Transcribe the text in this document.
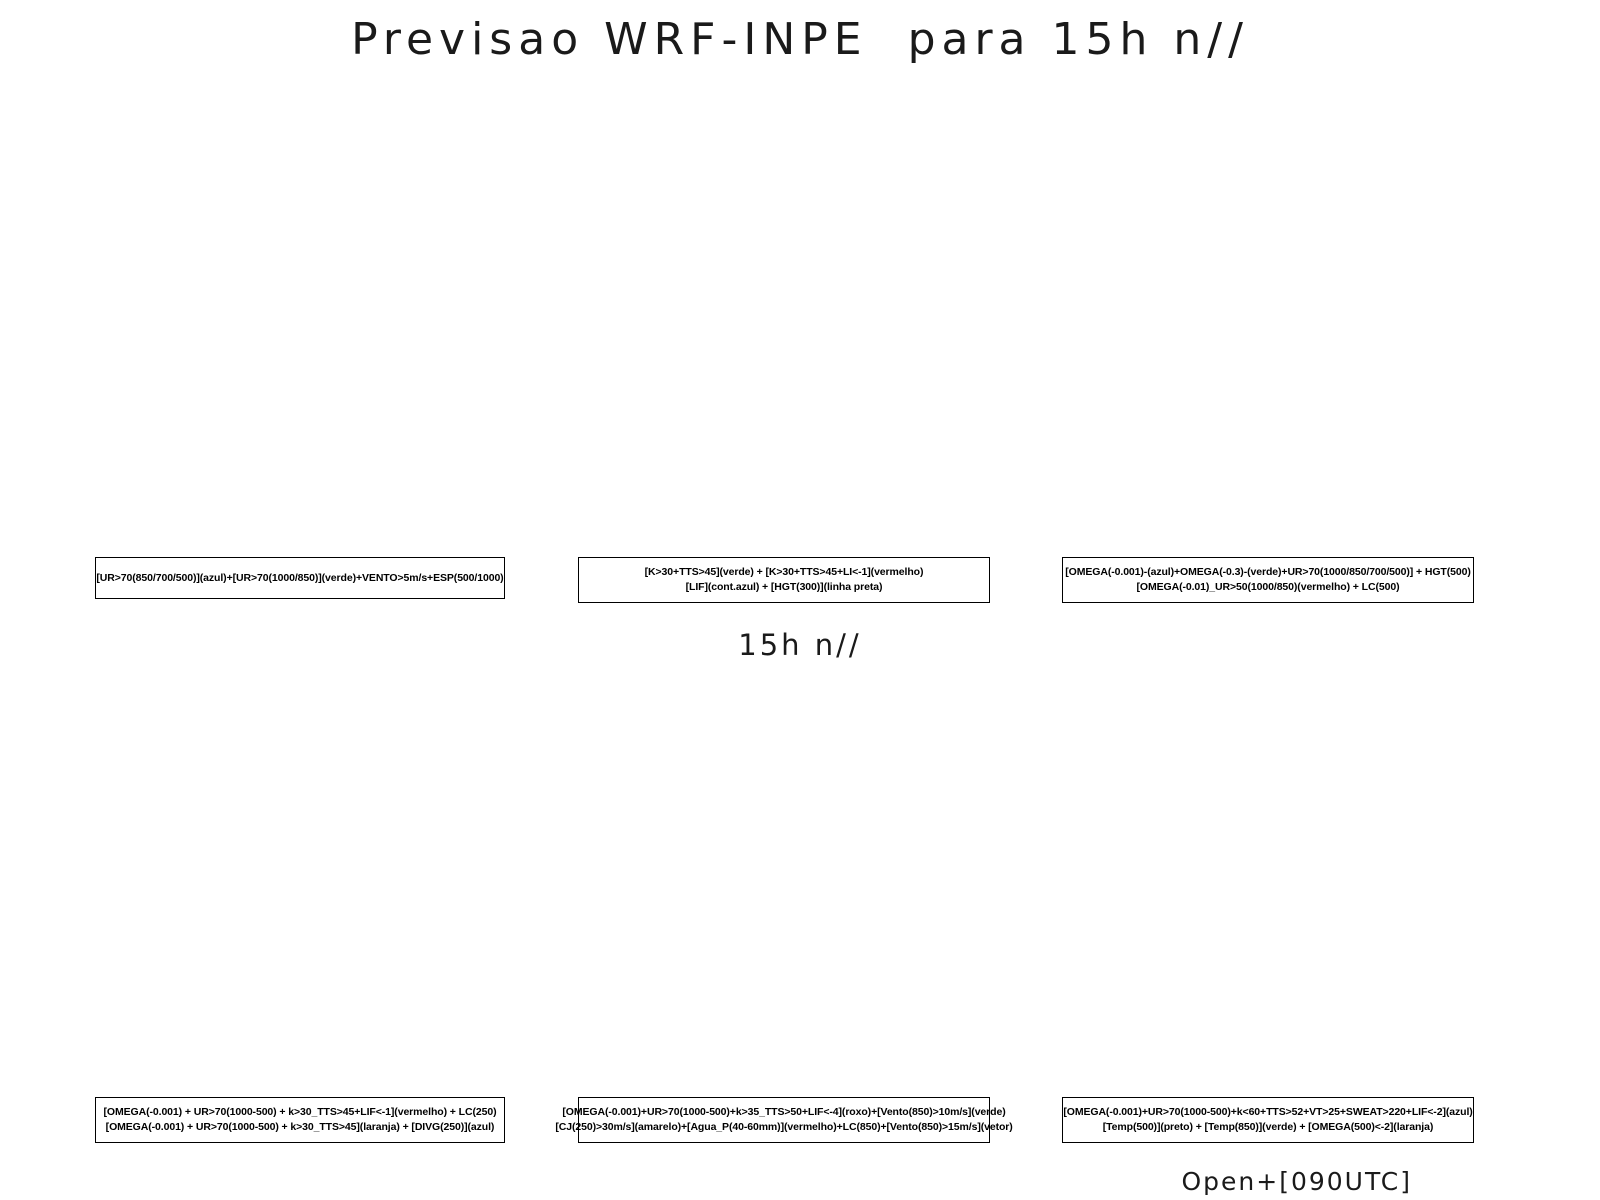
Previsao WRF-INPE  para 15h n//
[UR>70(850/700/500)](azul)+[UR>70(1000/850)](verde)+VENTO>5m/s+ESP(500/1000)	[K>30+TTS>45](verde) + [K>30+TTS>45+LI<-1](vermelho)
[LIF](cont.azul) + [HGT(300)](linha preta)
[OMEGA(-0.001)-(azul)+OMEGA(-0.3)-(verde)+UR>70(1000/850/700/500)] + HGT(500)
[OMEGA(-0.01)_UR>50(1000/850)(vermelho) + LC(500)
15h n//
[OMEGA(-0.001) + UR>70(1000-500) + k>30_TTS>45+LIF<-1](vermelho) + LC(250)
[OMEGA(-0.001) + UR>70(1000-500) + k>30_TTS>45](laranja) + [DIVG(250)](azul)
[OMEGA(-0.001)+UR>70(1000-500)+k>35_TTS>50+LIF<-4](roxo)+[Vento(850)>10m/s](verde)
[CJ(250)>30m/s](amarelo)+[Agua_P(40-60mm)](vermelho)+LC(850)+[Vento(850)>15m/s](vetor)
[OMEGA(-0.001)+UR>70(1000-500)+k<60+TTS>52+VT>25+SWEAT>220+LIF<-2](azul)
[Temp(500)](preto) + [Temp(850)](verde) + [OMEGA(500)<-2](laranja)
Open+[090UTC]
